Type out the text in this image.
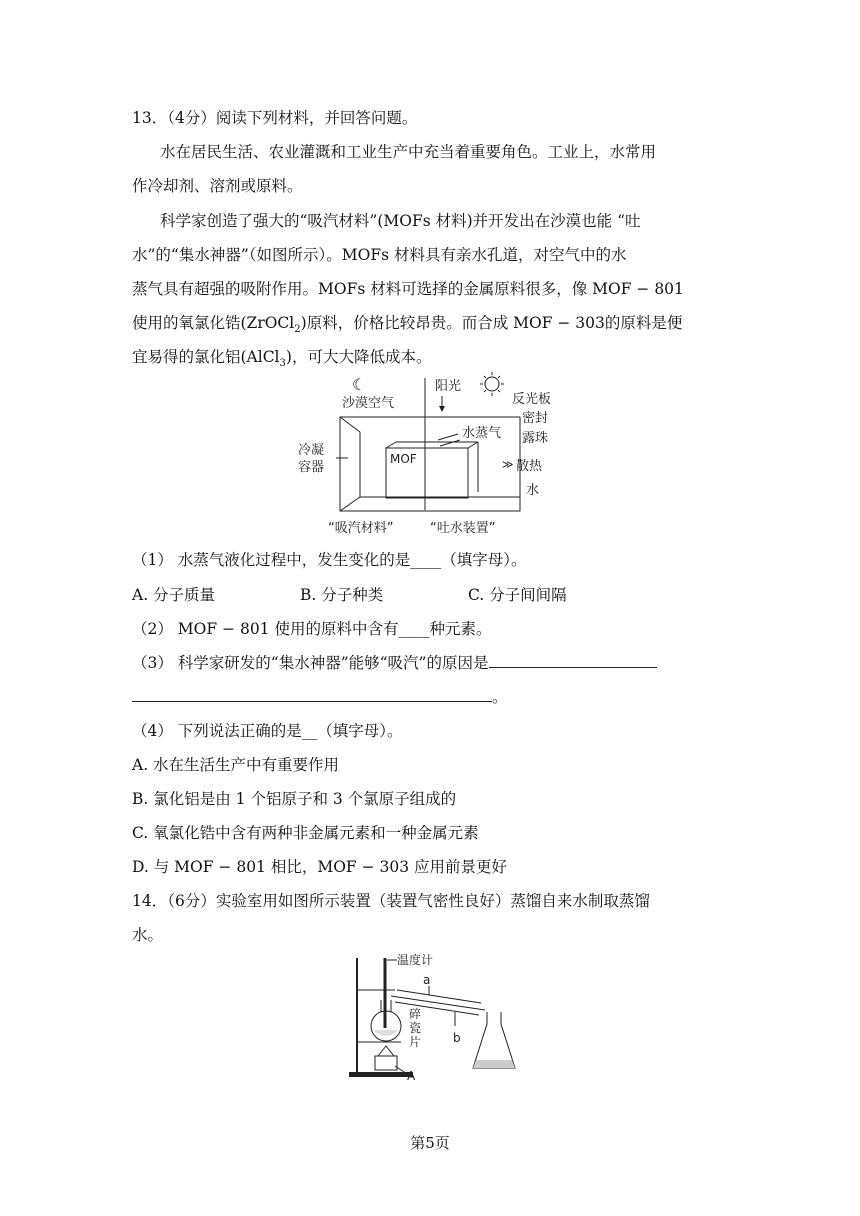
13．（4分）阅读下列材料，并回答问题。
水在居民生活、农业灌溉和工业生产中充当着重要角色。工业上，水常用
作冷却剂、溶剂或原料。
科学家创造了强大的“吸汽材料”(MOFs 材料)并开发出在沙漠也能 “吐
水”的“集水神器”（如图所示）。MOFs 材料具有亲水孔道，对空气中的水
蒸气具有超强的吸附作用。MOFs 材料可选择的金属原料很多，像 MOF − 801
使用的氧氯化锆(ZrOCl$_2$)原料，价格比较昂贵。而合成 MOF − 303的原料是便
宜易得的氯化铝(AlCl$_3$)，可大大降低成本。
☾
沙漠空气
阳光
反光板
密封
露珠
水蒸气
冷凝
容器
MOF	散热
≫
水
“吸汽材料”	“吐水装置”
（1） 水蒸气液化过程中，发生变化的是____（填字母）。
A. 分子质量	B. 分子种类	C. 分子间间隔
（2） MOF − 801 使用的原料中含有____种元素。
（3） 科学家研发的“集水神器”能够“吸汽”的原因是
。
（4） 下列说法正确的是__（填字母）。
A. 水在生活生产中有重要作用
B. 氯化铝是由 1 个铝原子和 3 个氯原子组成的
C. 氧氯化锆中含有两种非金属元素和一种金属元素
D. 与 MOF − 801 相比，MOF − 303 应用前景更好
14．（6分）实验室用如图所示装置（装置气密性良好）蒸馏自来水制取蒸馏
水。
温度计
A
碎
瓷
片
a
b
第5页
